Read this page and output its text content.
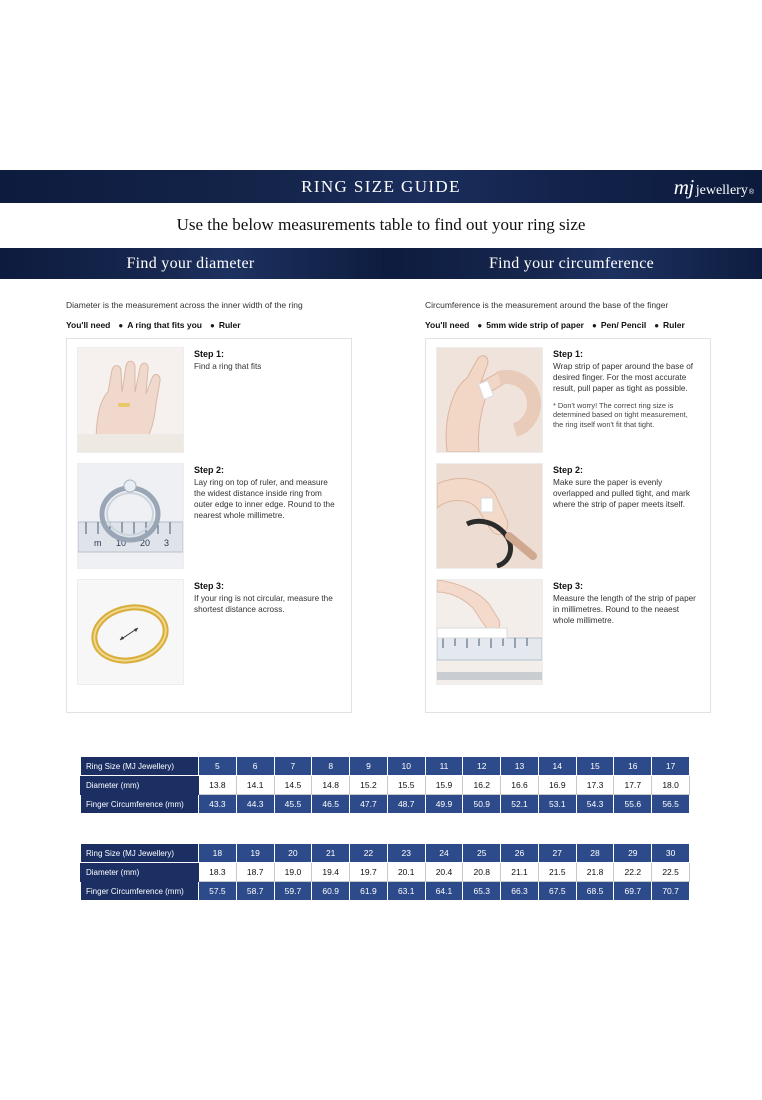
RING SIZE GUIDE	mj jewellery ®
Use the below measurements table to find out your ring size
Find your diameter	Find your circumference

Diameter is the measurement across the inner width of the ring

You'll need ● A ring that fits you ● Ruler
Step 1:
Find a ring that fits
m 10 20 3
Step 2:
Lay ring on top of ruler, and measure the widest distance inside ring from outer edge to inner edge. Round to the nearest whole millimetre.
Step 3:
If your ring is not circular, measure the shortest distance across.

Circumference is the measurement around the base of the finger

You'll need ● 5mm wide strip of paper ● Pen/ Pencil ● Ruler
Step 1:
Wrap strip of paper around the base of desired finger. For the most accurate result, pull paper as tight as possible.
* Don't worry! The correct ring size is determined based on tight measurement, the ring itself won't fit that tight.
Step 2:
Make sure the paper is evenly overlapped and pulled tight, and mark where the strip of paper meets itself.
Step 3:
Measure the length of the strip of paper in millimetres. Round to the neaest whole millimetre.
Ring Size (MJ Jewellery)	5	6	7	8	9	10	11	12	13	14	15	16	17
Diameter (mm)	13.8	14.1	14.5	14.8	15.2	15.5	15.9	16.2	16.6	16.9	17.3	17.7	18.0
Finger Circumference (mm)	43.3	44.3	45.5	46.5	47.7	48.7	49.9	50.9	52.1	53.1	54.3	55.6	56.5
Ring Size (MJ Jewellery)	18	19	20	21	22	23	24	25	26	27	28	29	30
Diameter (mm)	18.3	18.7	19.0	19.4	19.7	20.1	20.4	20.8	21.1	21.5	21.8	22.2	22.5
Finger Circumference (mm)	57.5	58.7	59.7	60.9	61.9	63.1	64.1	65.3	66.3	67.5	68.5	69.7	70.7
